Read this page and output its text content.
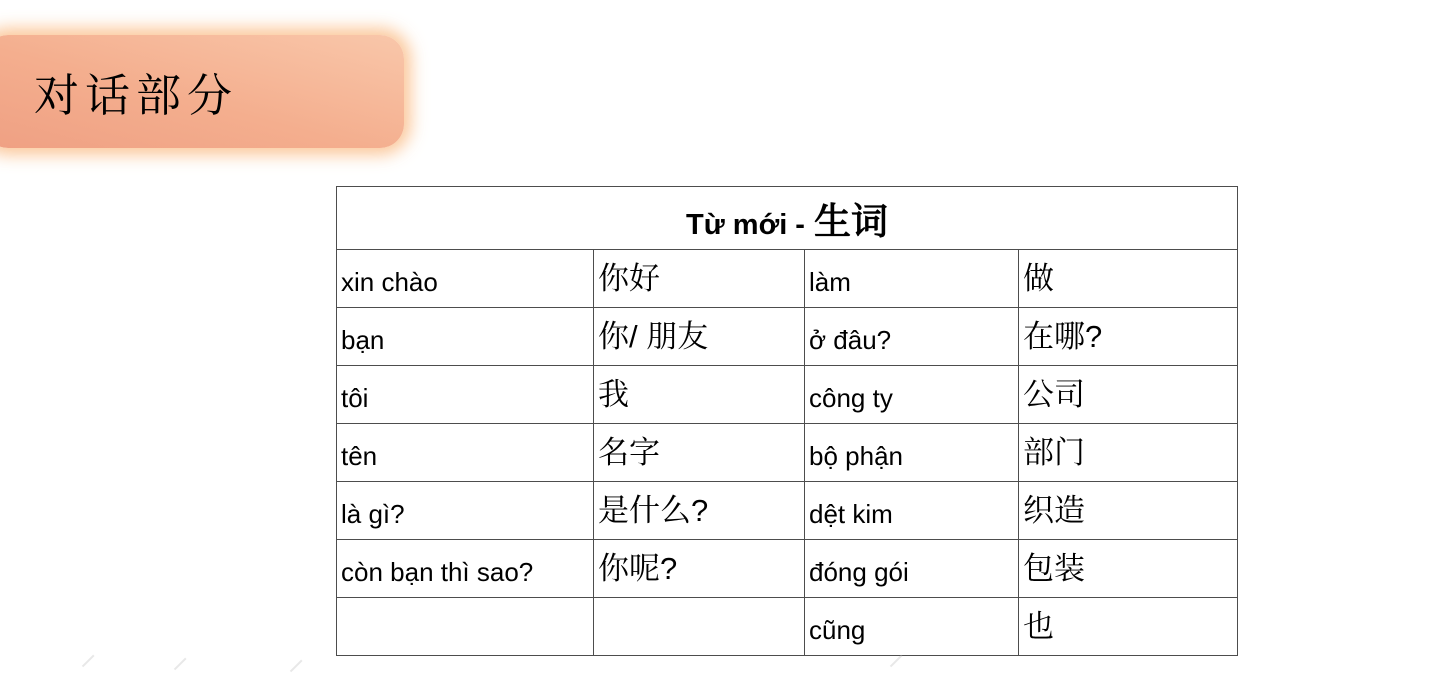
对话部分
Từ mới - 生词			

xin chào	你好	làm	做
bạn	你/ 朋友	ở đâu?	在哪?
tôi	我	công ty	公司
tên	名字	bộ phận	部门
là gì?	是什么?	dệt kim	织造
còn bạn thì sao?	你呢?	đóng gói	包装
		cũng	也
